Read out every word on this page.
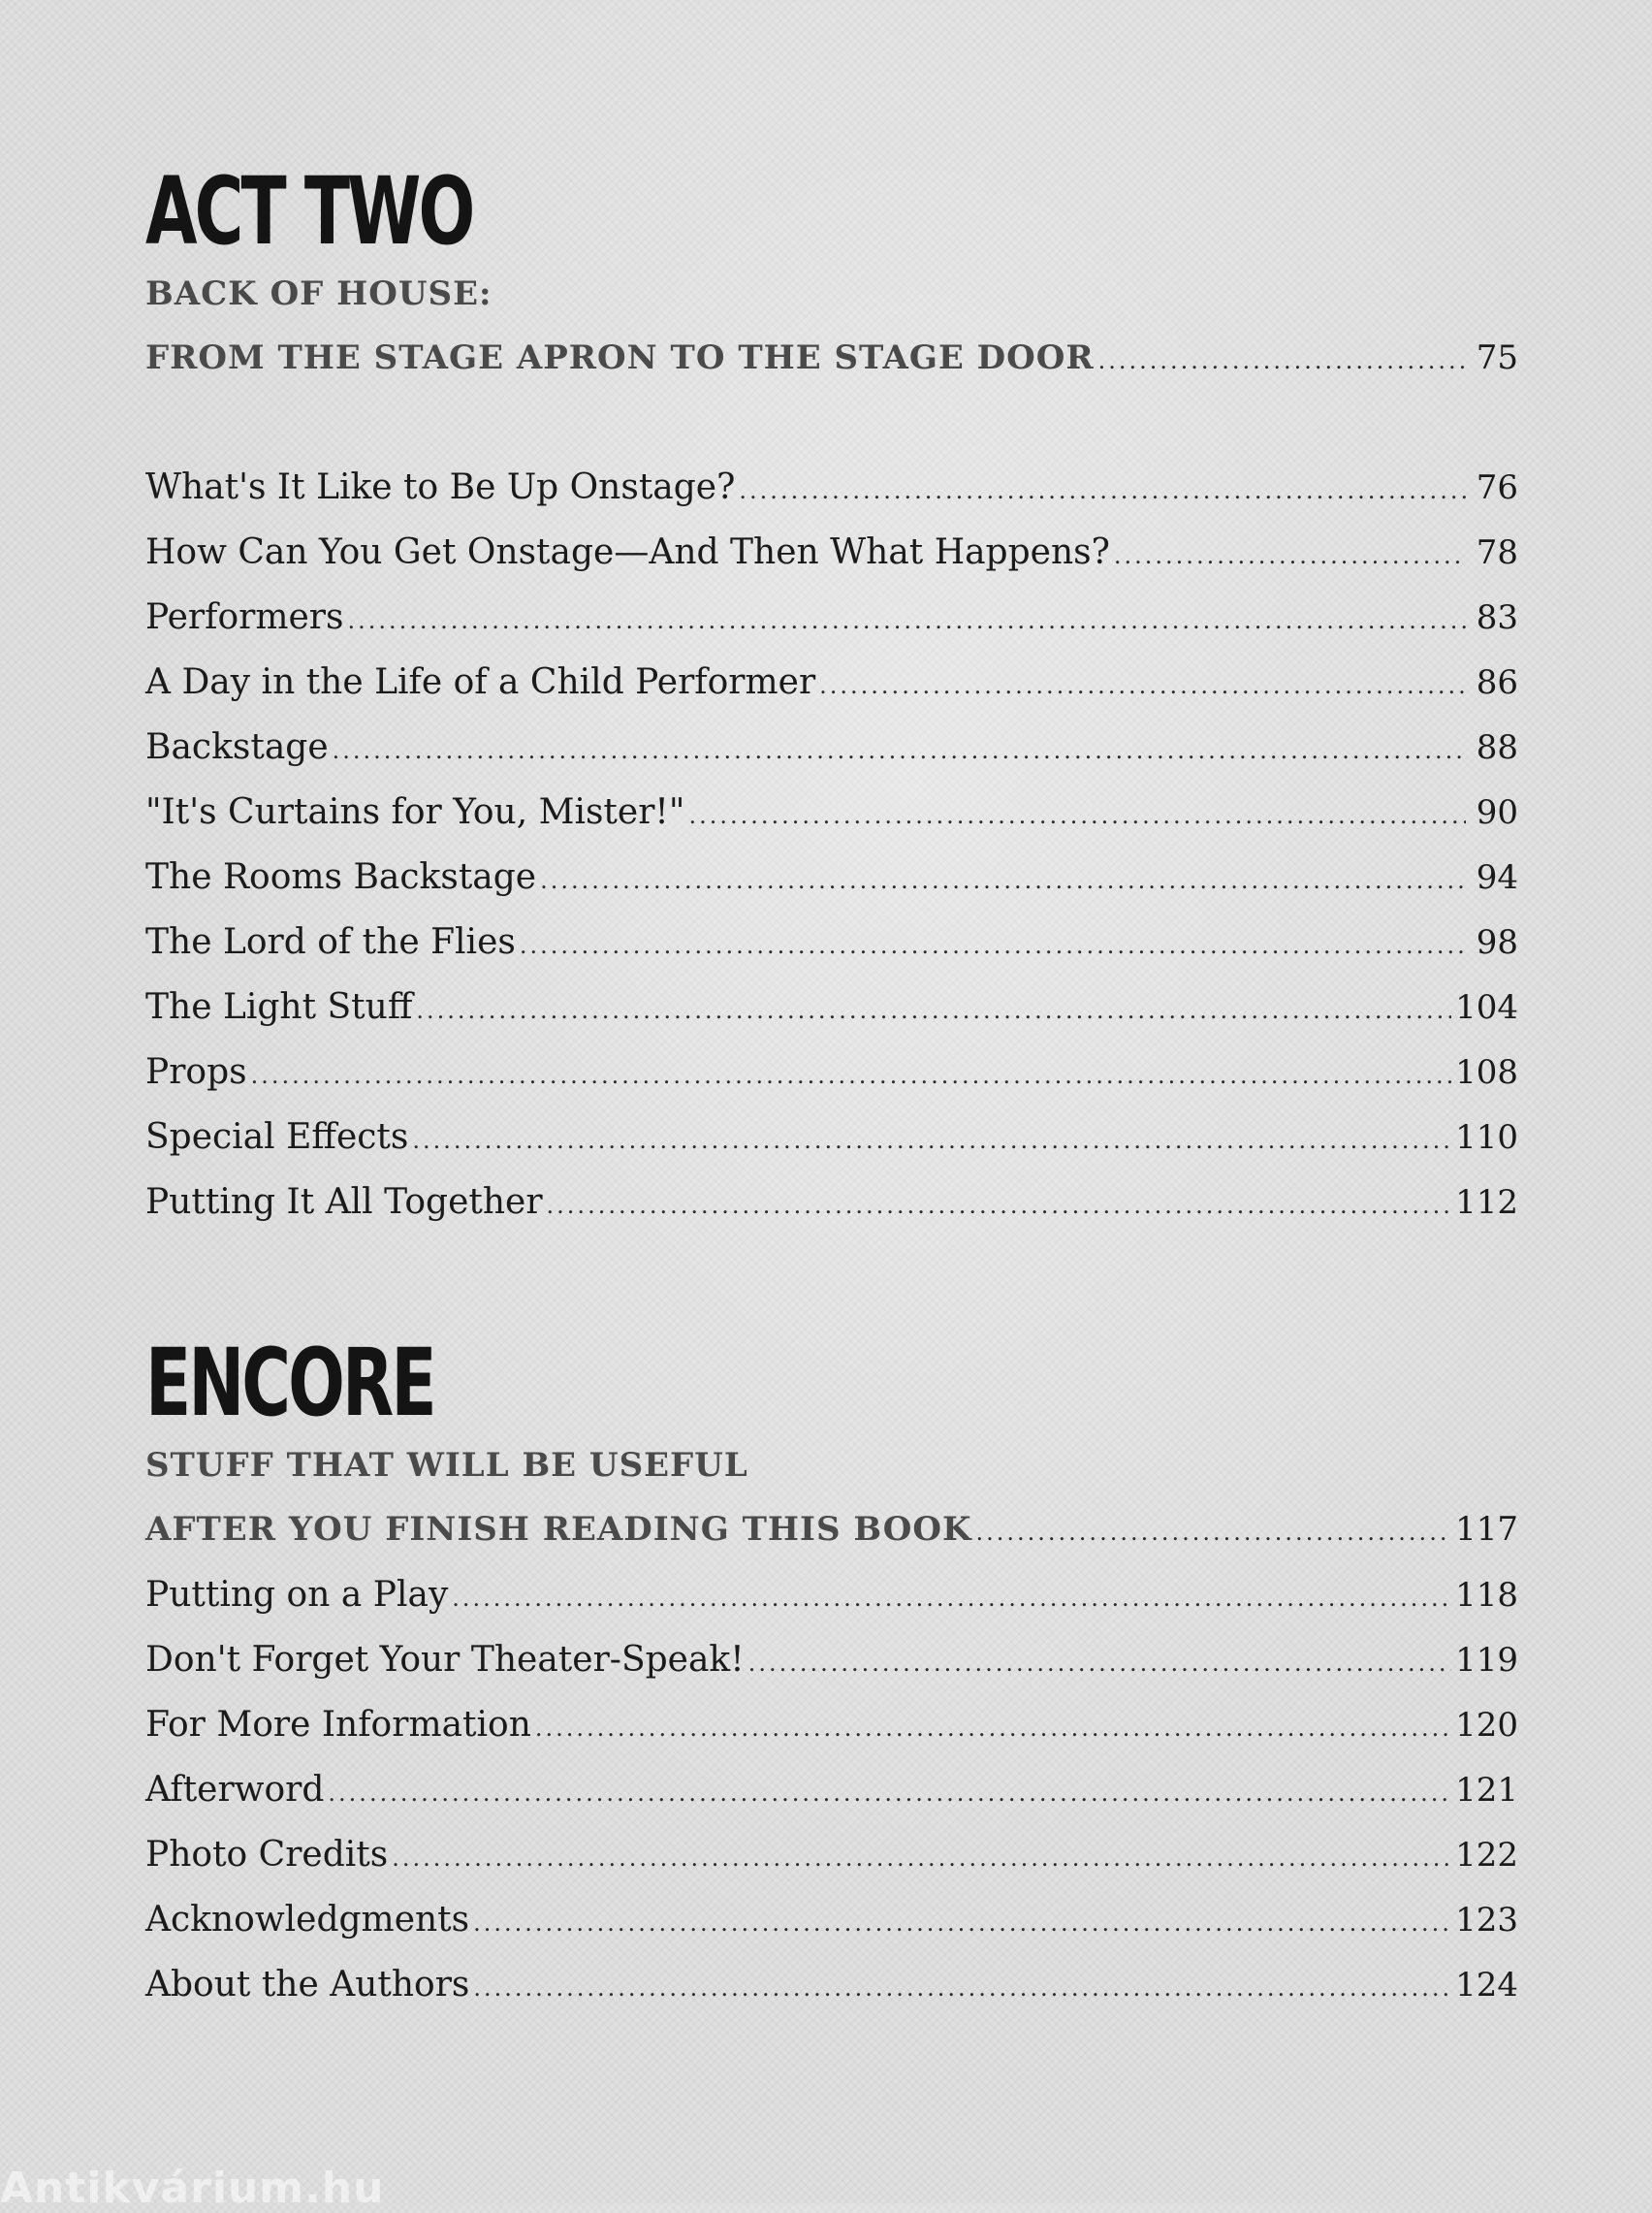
ACT TWO
BACK OF HOUSE:
FROM THE STAGE APRON TO THE STAGE DOOR .....	75
What's It Like to Be Up Onstage? .....	76
How Can You Get Onstage—And Then What Happens? .....	78
Performers .....	83
A Day in the Life of a Child Performer .....	86
Backstage .....	88
"It's Curtains for You, Mister!" .....	90
The Rooms Backstage .....	94
The Lord of the Flies .....	98
The Light Stuff .....	104
Props .....	108
Special Effects .....	110
Putting It All Together .....	112
ENCORE
STUFF THAT WILL BE USEFUL
AFTER YOU FINISH READING THIS BOOK .....	117
Putting on a Play .....	118
Don't Forget Your Theater-Speak! .....	119
For More Information .....	120
Afterword .....	121
Photo Credits .....	122
Acknowledgments .....	123
About the Authors .....	124
Antikvárium.hu
